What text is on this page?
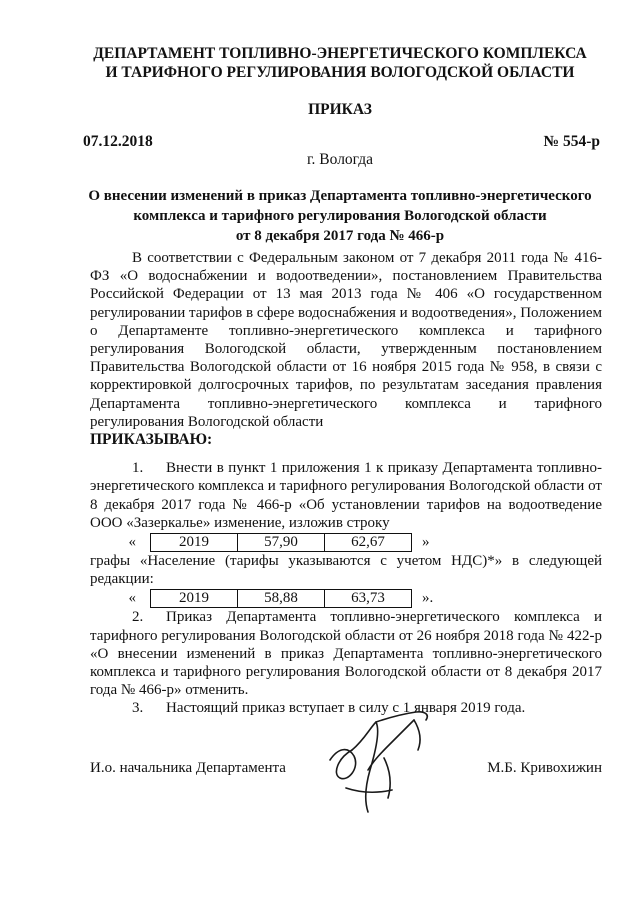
ДЕПАРТАМЕНТ ТОПЛИВНО-ЭНЕРГЕТИЧЕСКОГО КОМПЛЕКСА
И ТАРИФНОГО РЕГУЛИРОВАНИЯ ВОЛОГОДСКОЙ ОБЛАСТИ
ПРИКАЗ
07.12.2018	№ 554-р
г. Вологда
О внесении изменений в приказ Департамента топливно-энергетического
комплекса и тарифного регулирования Вологодской области
от 8 декабря 2017 года № 466-р

В соответствии с Федеральным законом от 7 декабря 2011 года № 416-ФЗ «О водоснабжении и водоотведении», постановлением Правительства Российской Федерации от 13 мая 2013 года № 406 «О государственном регулировании тарифов в сфере водоснабжения и водоотведения», Положением о Департаменте топливно-энергетического комплекса и тарифного регулирования Вологодской области, утвержденным постановлением Правительства Вологодской области от 16 ноября 2015 года № 958, в связи с корректировкой долгосрочных тарифов, по результатам заседания правления Департамента топливно-энергетического комплекса и тарифного регулирования Вологодской области

ПРИКАЗЫВАЮ:

1. Внести в пункт 1 приложения 1 к приказу Департамента топливно-энергетического комплекса и тарифного регулирования Вологодской области от 8 декабря 2017 года № 466-р «Об установлении тарифов на водоотведение ООО «Зазеркалье» изменение, изложив строку

«	2019	57,90	62,67	»

графы «Население (тарифы указываются с учетом НДС)*» в следующей редакции:

«	2019	58,88	63,73	».

2. Приказ Департамента топливно-энергетического комплекса и тарифного регулирования Вологодской области от 26 ноября 2018 года № 422-р «О внесении изменений в приказ Департамента топливно-энергетического комплекса и тарифного регулирования Вологодской области от 8 декабря 2017 года № 466-р» отменить.

3. Настоящий приказ вступает в силу с 1 января 2019 года.

И.о. начальника Департамента	М.Б. Кривохижин
